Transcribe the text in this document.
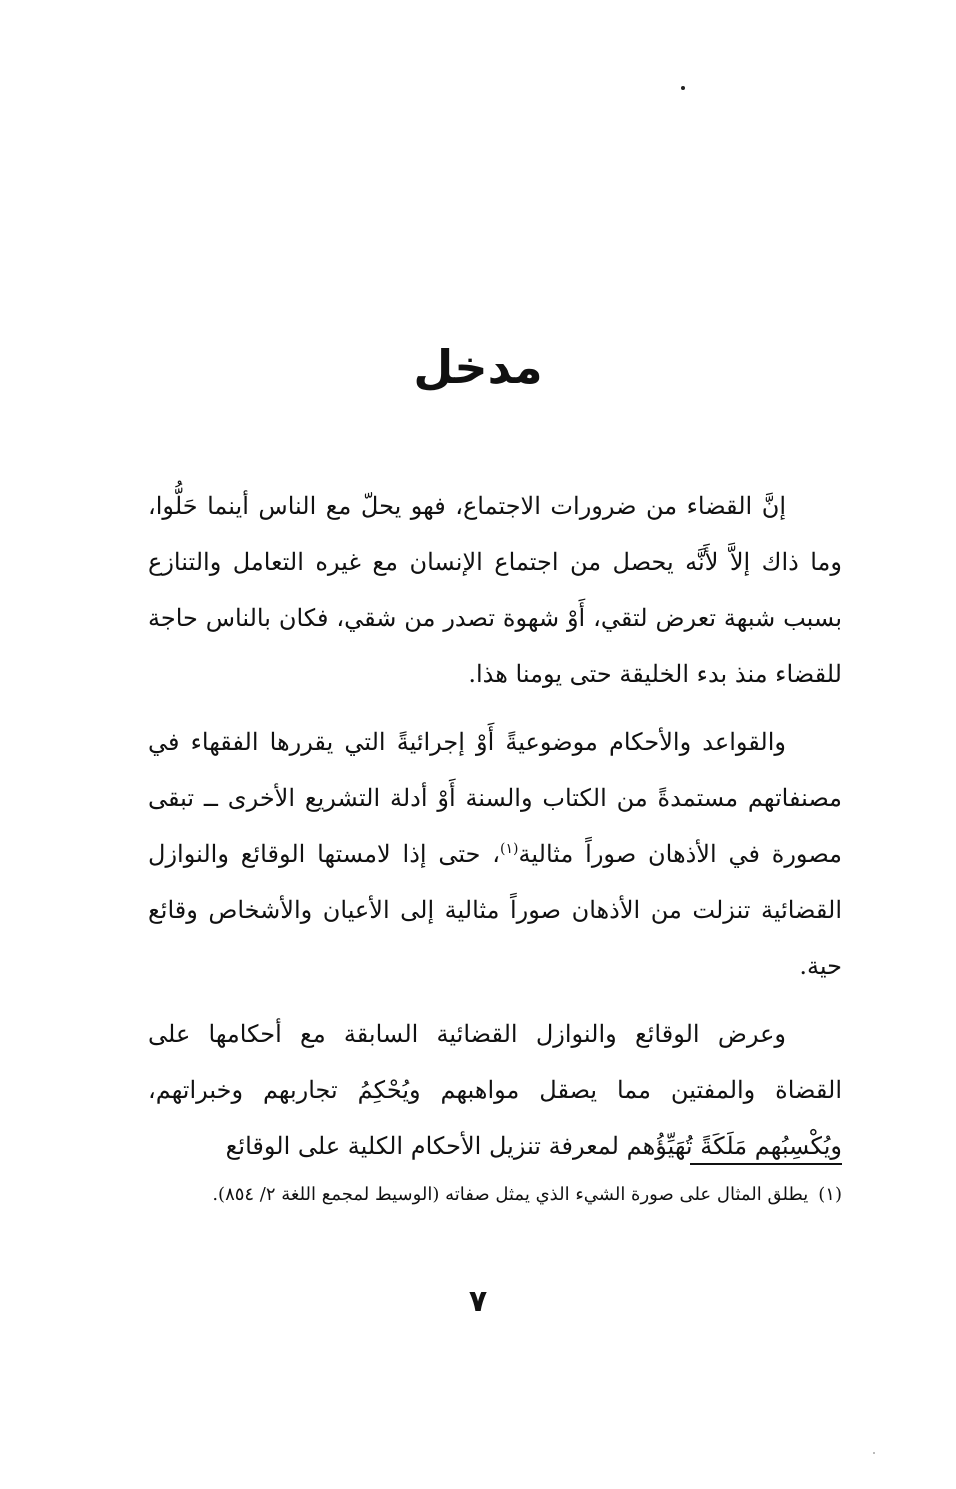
مدخل

إنَّ القضاء من ضرورات الاجتماع، فهو يحلّ مع الناس أينما حَلُّوا، وما ذاك إلاَّ لأَنَّه يحصل من اجتماع الإنسان مع غيره التعامل والتنازع بسبب شبهة تعرض لتقي، أَوْ شهوة تصدر من شقي، فكان بالناس حاجة للقضاء منذ بدء الخليقة حتى يومنا هذا.

والقواعد والأحكام موضوعيةً أَوْ إجرائيةً التي يقررها الفقهاء في مصنفاتهم مستمدةً من الكتاب والسنة أَوْ أدلة التشريع الأخرى ــ تبقى مصورة في الأذهان صوراً مثالية$^{(١)}$، حتى إذا لامستها الوقائع والنوازل القضائية تنزلت من الأذهان صوراً مثالية إلى الأعيان والأشخاص وقائع حية.

وعرض الوقائع والنوازل القضائية السابقة مع أحكامها على القضاة والمفتين مما يصقل مواهبهم ويُحْكِمُ تجاربهم وخبراتهم، ويُكْسِبُهم مَلَكَةً تُهَيِّؤُهم لمعرفة تنزيل الأحكام الكلية على الوقائع

(١)يطلق المثال على صورة الشيء الذي يمثل صفاته (الوسيط لمجمع اللغة ٢/ ٨٥٤).
٧
